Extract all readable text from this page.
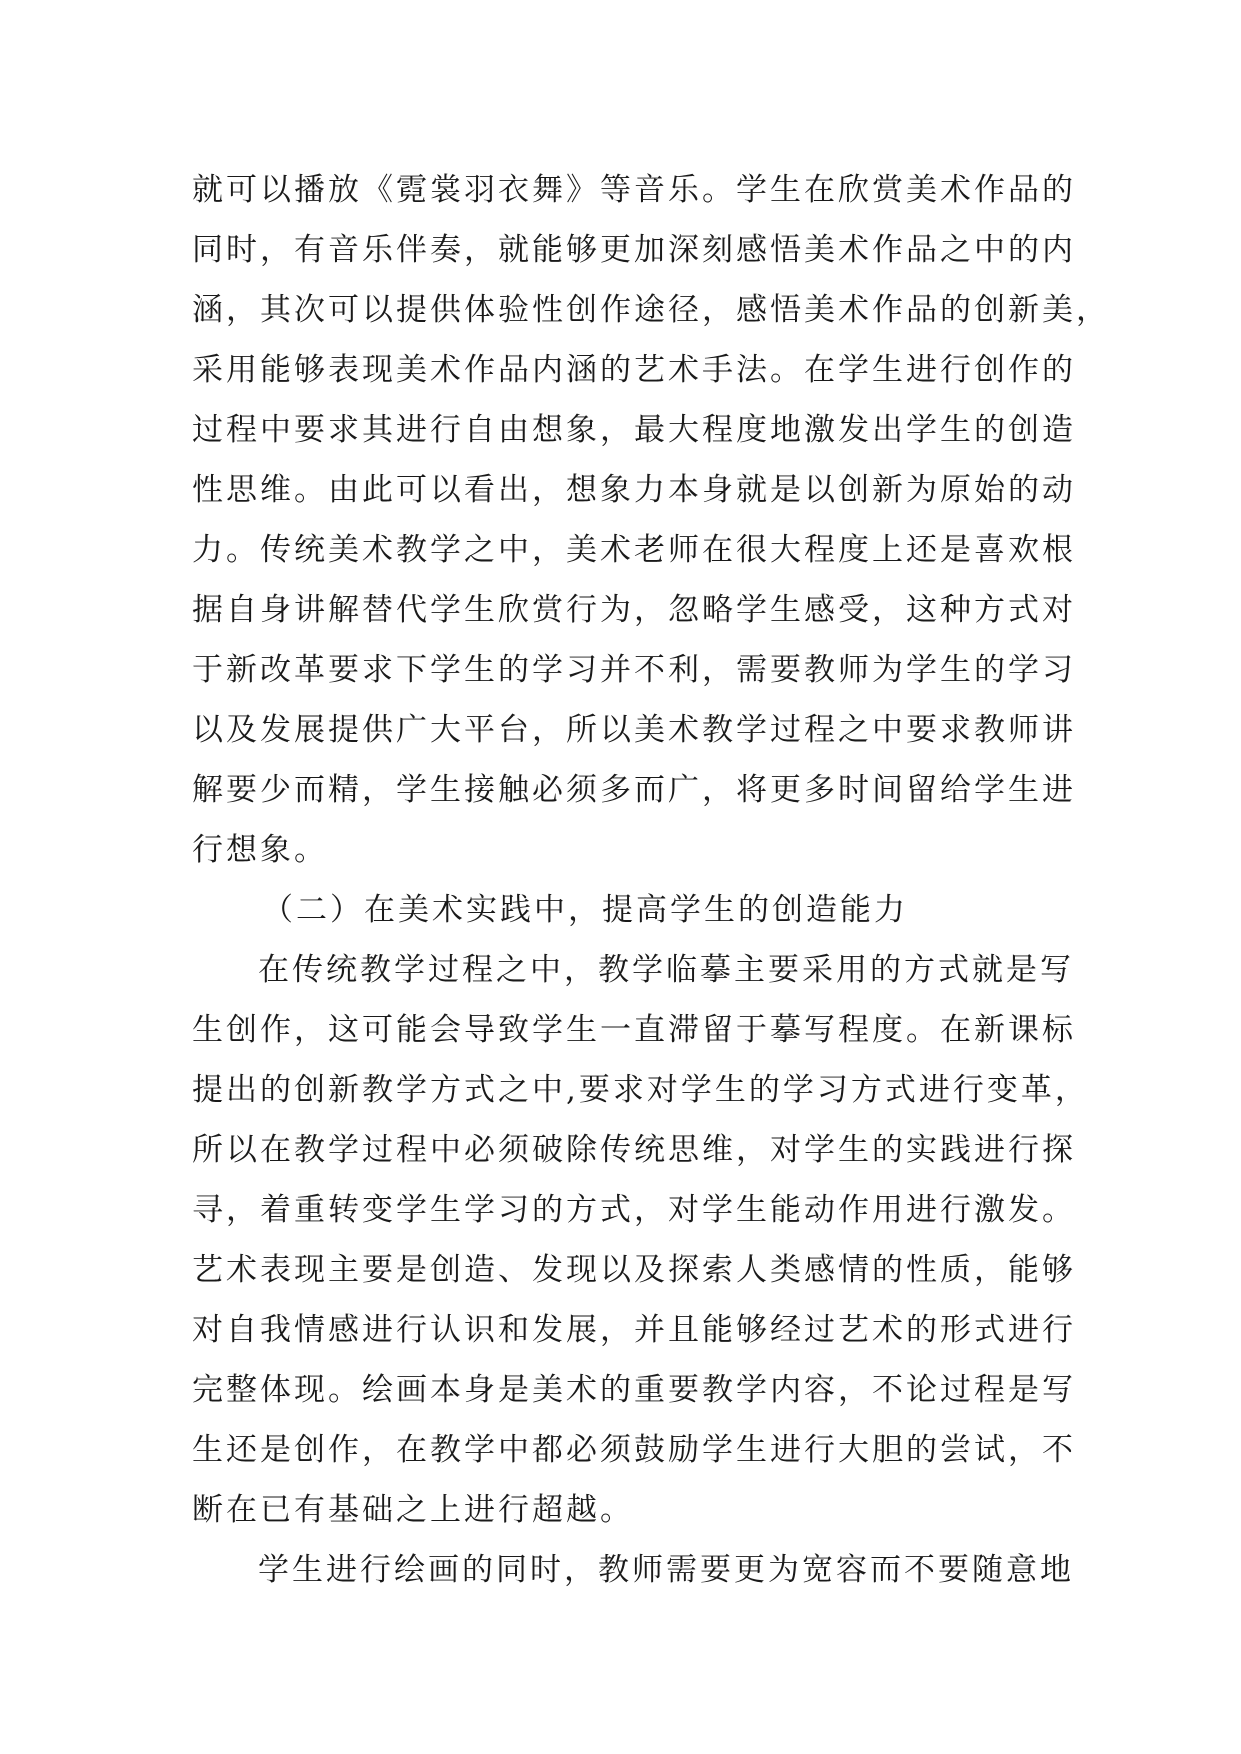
就可以播放《霓裳羽衣舞》等音乐。学生在欣赏美术作品的
同时，有音乐伴奏，就能够更加深刻感悟美术作品之中的内
涵，其次可以提供体验性创作途径，感悟美术作品的创新美，
采用能够表现美术作品内涵的艺术手法。在学生进行创作的
过程中要求其进行自由想象，最大程度地激发出学生的创造
性思维。由此可以看出，想象力本身就是以创新为原始的动
力。传统美术教学之中，美术老师在很大程度上还是喜欢根
据自身讲解替代学生欣赏行为，忽略学生感受，这种方式对
于新改革要求下学生的学习并不利，需要教师为学生的学习
以及发展提供广大平台，所以美术教学过程之中要求教师讲
解要少而精，学生接触必须多而广，将更多时间留给学生进
行想象。
（二）在美术实践中，提高学生的创造能力
在传统教学过程之中，教学临摹主要采用的方式就是写
生创作，这可能会导致学生一直滞留于摹写程度。在新课标
提出的创新教学方式之中,要求对学生的学习方式进行变革，
所以在教学过程中必须破除传统思维，对学生的实践进行探
寻，着重转变学生学习的方式，对学生能动作用进行激发。
艺术表现主要是创造、发现以及探索人类感情的性质，能够
对自我情感进行认识和发展，并且能够经过艺术的形式进行
完整体现。绘画本身是美术的重要教学内容，不论过程是写
生还是创作，在教学中都必须鼓励学生进行大胆的尝试，不
断在已有基础之上进行超越。
学生进行绘画的同时，教师需要更为宽容而不要随意地
